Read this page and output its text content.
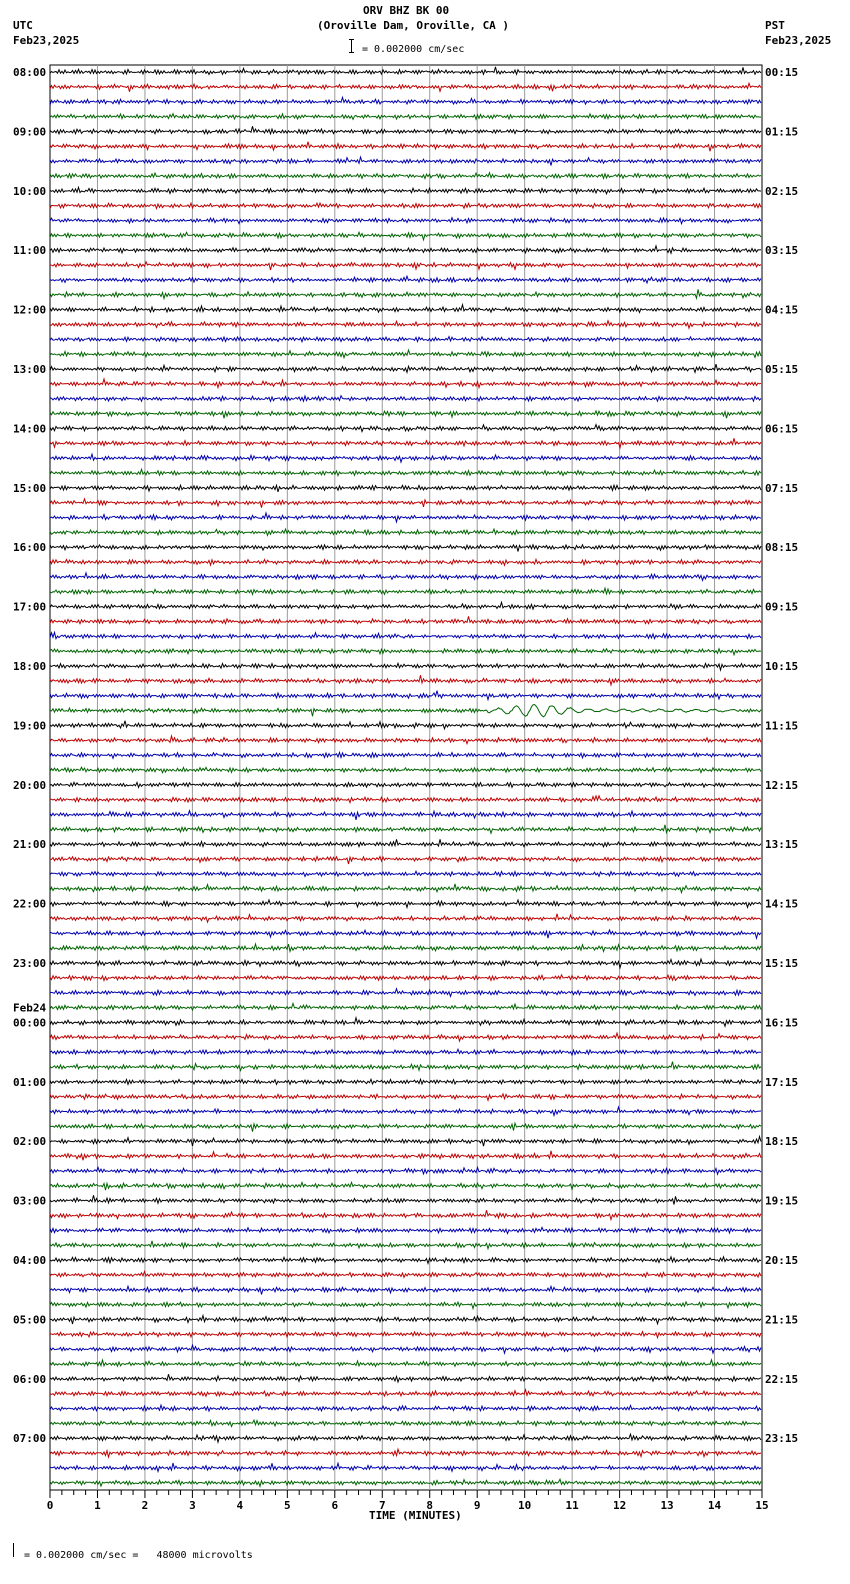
ORV BHZ BK 00
(Oroville Dam, Oroville, CA )
= 0.002000 cm/sec
UTC
Feb23,2025
PST
Feb23,2025
0	1	2	3	4	5	6	7	8	9	10	11	12	13	14	15
08:00
09:00
10:00
11:00
12:00
13:00
14:00
15:00
16:00
17:00
18:00
19:00
20:00
21:00
22:00
23:00
00:00
01:00
02:00
03:00
04:00
05:00
06:00
07:00
00:15
01:15
02:15
03:15
04:15
05:15
06:15
07:15
08:15
09:15
10:15
11:15
12:15
13:15
14:15
15:15
16:15
17:15
18:15
19:15
20:15
21:15
22:15
23:15
Feb24
TIME (MINUTES)
= 0.002000 cm/sec =   48000 microvolts
